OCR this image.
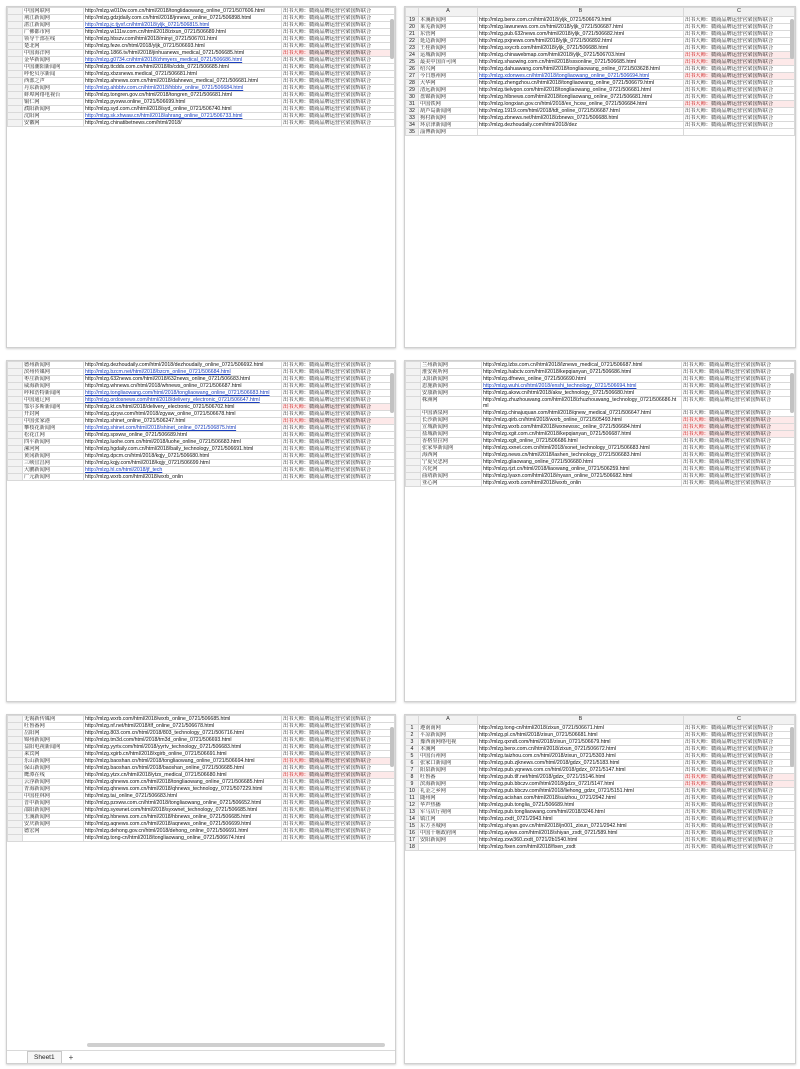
	中国网联网	http://mlzg.w010w.com.cn/html/2018/tonglidaowang_online_0721/507606.html	出书大师：微商品牌运营官梁国辉联合
	荆江新闻网	http://mlzg.gdzjdaily.com.cn/html/2018/jnnews_online_0721/506898.html	出书大师：微商品牌运营官梁国辉联合
	湛江新闻网	http://mlzg.jc.tjyxf.cn/html/2018/yljk_0721/506815.html	出书大师：微商品牌运营官梁国辉联合
	广佛都市网	http://mlzg.w111w.com.cn/html/2018/zixun_0721/506689.html	出书大师：微商品牌运营官梁国辉联合
	领导干部在线	http://mlzg.hbszv.com/html/2018/minyi_0721/506701.html	出书大师：微商品牌运营官梁国辉联合
	楚北网	http://mlzg.feze.cn/html/2018/yljk_0721/506693.html	出书大师：微商品牌运营官梁国辉联合
	中国海洋网	http://mlzg.1866.tv/html/2018/jinhuanews_medical_0721/506685.html	出书大师：微商品牌运营官梁国辉联合
	金华新闻网	http://mlzg.g0734.cn/html/2018/zhmyers_medical_0721/506686.html	出书大师：微商品牌运营官梁国辉联合
	中国潮阳新闻网	http://mlzg.ttcdds.com.cn/html/2018/lb/cdds_0721/506685.html	出书大师：微商品牌运营官梁国辉联合
	呼伦贝尔新闻	http://mlzg.xbzsnews.medical_0721/506681.html	出书大师：微商品牌运营官梁国辉联合
	西部之声	http://mlzg.ahnews.com.cn/html/2018/dahnews_medical_0721/506681.html	出书大师：微商品牌运营官梁国辉联合
	丹东新闻网	http://mlzg.ahbbtv.com.cn/html/2018/hbbtv_online_0721/506684.html	出书大师：微商品牌运营官梁国辉联合
	蚌埠网络电视台	http://mlzg.tongren.gov.cn/html/2018/tongren_0721/506681.html	出书大师：微商品牌运营官梁国辉联合
	铜仁网	http://mlzg.pyxww.online_0721/506699.html	出书大师：微商品牌运营官梁国辉联合
	濮阳新闻网	http://mlzg.syd.com.cn/html/2018/syd_online_0721/506740.html	出书大师：微商品牌运营官梁国辉联合
	沈阳网	http://mlzg.sk.xhwaw.cn/html/2018/ahrang_online_0721/506733.html	出书大师：微商品牌运营官梁国辉联合
	安徽网	http://mlzg.chinatibetnews.com/html/2018/	出书大师：微商品牌运营官梁国辉联合
	A	B	C
19	本溪新闻网	http://mlzg.benx.com.cn/html/2018/yljk_0721/506679.html	出书大师：微商品牌运营官梁国辉联合
20	莱芜新闻网	http://mlzg.lawunews.com.cn/html/2018/yljk_0721/506687.html	出书大师：微商品牌运营官梁国辉联合
21	东营网	http://mlzg.pub.632news.com/html/2018/yljk_0721/506682.html	出书大师：微商品牌运营官梁国辉联合
22	延边新闻网	http://mlzg.pxjnews.com/html/2018/yljk_0721/506892.html	出书大师：微商品牌运营官梁国辉联合
23	王桂新闻网	http://mlzg.sxycrb.com/html/2018/yljk_0721/506688.html	出书大师：微商品牌运营官梁国辉联合
24	运城新闻网	http://mlzg.chinawebmap.com/html/2018/yljk_0721/506703.html	出书大师：微商品牌运营官梁国辉联合
25	最美中国百可网	http://mlzg.shaowing.com.cn/html/2018/sxsonline_0721/506685.html	出书大师：微商品牌运营官梁国辉联合
26	绍兴网	http://mlzg.dahuawang.com/html/2018/tongliaowang_online_0721/503628.html	出书大师：微商品牌运营官梁国辉联合
27	今日惠州网	http://mlzg.xdonwes.cn/html/2018/tongliaowang_online_0721/506694.html	出书大师：微商品牌运营官梁国辉联合
28	大华网	http://mlzg.zhengzhou.cn/html/2018/tongliaowang_online_0721/506679.html	出书大师：微商品牌运营官梁国辉联合
29	清远新闻网	http://mlzg.tielvgon.com/html/2018/tongliaowang_online_0721/506681.html	出书大师：微商品牌运营官梁国辉联合
30	盘锦新闻网	http://mlzg.hlbnews.com/html/2018/tongliaowang_online_0721/506681.html	出书大师：微商品牌运营官梁国辉联合
31	中国铁网	http://mlzg.longxian.gov.cn/html/2018/ex_hcxw_online_0721/506684.html	出书大师：微商品牌运营官梁国辉联合
32	葫芦岛新闻网	http://mlzg.1919.com/html/2018/tdt_online_0721/506687.html	出书大师：微商品牌运营官梁国辉联合
33	狗村新闻网	http://mlzg.zbnews.net/html/2018/zbnews_0721/506688.html	出书大师：微商品牌运营官梁国辉联合
34	环京津新闻网	http://mlzg.dezhoudaily.com/html/2018/dez	出书大师：微商品牌运营官梁国辉联合
35	淄博新闻网		
	德州新闻网	http://mlzg.dezhoudaily.com/html/2018/dezhoudaily_online_0721/506692.html	出书大师：微商品牌运营官梁国辉联合
	滨州传媒网	http://mlzg.bzcm.net/html/2018/bzcm_online_0721/506684.html	出书大师：微商品牌运营官梁国辉联合
	枣庄新闻网	http://mlzg.632news.com/html/2018/632news_online_0721/506683.html	出书大师：微商品牌运营官梁国辉联合
	威海新闻网	http://mlzg.whnews.cn/html/2018/whnews_online_0721/506687.html	出书大师：微商品牌运营官梁国辉联合
	呼和浩特新闻网	http://mlzg.tongliaowang.com/html/2018/tongliaowang_online_0721/506683.html	出书大师：微商品牌运营官梁国辉联合
	中国通辽网	http://mlzg.ordosnews.com/html/2018/delivery_electronic_0721/506647.html	出书大师：微商品牌运营官梁国辉联合
	鄂尔多斯新闻网	http://mlzg.kt.cn/html/2018/delivery_electronic_0721/506702.html	出书大师：微商品牌运营官梁国辉联合
	开封网	http://mlzg.zjzyw.com/html/2018/zgyaw_online_0721/506678.html	出书大师：微商品牌运营官梁国辉联合
	中国张家港	http://mlzg.shinet_online_0721/506247.html	出书大师：微商品牌运营官梁国辉联合
	攀枝花新闻网	http://mlzg.shinet.com/html/2018/shinet_online_0721/506875.html	出书大师：微商品牌运营官梁国辉联合
	松花江网	http://mlzg.spxww_online_0721/506689.html	出书大师：微商品牌运营官梁国辉联合
	四平新闻网	http://mlzg.luohe.com.cn/html/2018/luohe_online_0721/506683.html	出书大师：微商品牌运营官梁国辉联合
	漯河网	http://mlzg.hgdaily.com.cn/html/2018/baily_technology_0721/506691.html	出书大师：微商品牌运营官梁国辉联合
	黄冈新闻网	http://mlzg.dpcm.cn/html/2018/kqjy_0721/506680.html	出书大师：微商品牌运营官梁国辉联合
	三峡宜昌网	http://mlzg.kqjy.com/html/2018/kqjy_0721/506699.html	出书大师：微商品牌运营官梁国辉联合
	大鹏新闻网	http://mlzg.hl.cn/html/2018/jf_tech	出书大师：微商品牌运营官梁国辉联合
	广元新闻网	http://mlzg.wxrb.com/html/2018/wxrb_onlin	出书大师：微商品牌运营官梁国辉联合
	兰州新闻网	http://mlzg.lzbs.com.cn/html/2018/lznews_medical_0721/506687.html	出书大师：微商品牌运营官梁国辉联合
	淮安视听网	http://mlzg.habctv.com/html/2018/kepqianyan_0721/506686.html	出书大师：微商品牌运营官梁国辉联合
	太阳新闻网	http://mlzg.dfnews_online_0721/506690.html	出书大师：微商品牌运营官梁国辉联合
	恩施新闻网	http://mlzg.wuhi.cn/html/2018/enshi_technology_0721/506694.html	出书大师：微商品牌运营官梁国辉联合
	安康新闻网	http://mlzg.akxw.cn/html/2018/akw_technology_0721/506680.html	出书大师：微商品牌运营官梁国辉联合
	株洲网	http://mlzg.zhuzhouwang.com/html/2018/zhuzhouwang_technology_0721/506686.html	出书大师：微商品牌运营官梁国辉联合
	中国酒泉网	http://mlzg.chinajuquan.com/html/2018/qnew_medical_0721/506647.html	出书大师：微商品牌运营官梁国辉联合
	长沙新闻网	http://mlzg.qirb.cn/html/2018/wxrb_online_0721/505493.html	出书大师：微商品牌运营官梁国辉联合
	宣城新闻网	http://mlzg.wxrb.com/html/2018/wxnewsxc_online_0721/506684.html	出书大师：微商品牌运营官梁国辉联合
	盐城新闻网	http://mlzg.xgit.com.cn/html/2018/kepqianyan_0721/506687.html	出书大师：微商品牌运营官梁国辉联合
	香格里拉网	http://mlzg.xglt_online_0721/506686.html	出书大师：微商品牌运营官梁国辉联合
	张家界新闻网	http://mlzg.xxnet.com.cn/html/2018/xonet_technology_0721/506683.html	出书大师：微商品牌运营官梁国辉联合
	海西网	http://mlzg.news.cn/html/2018/lashen_technology_0721/506683.html	出书大师：微商品牌运营官梁国辉联合
	宁夏吴忠网	http://mlzg.gliaowang_online_0721/506680.html	出书大师：微商品牌运营官梁国辉联合
	兴化网	http://mlzg.rjzt.cn/html/2018/liaowang_online_0721/506259.html	出书大师：微商品牌运营官梁国辉联合
	曲靖新闻网	http://mlzg.lyaxn.com/html/2018/nyaxn_online_0721/506682.html	出书大师：微商品牌运营官梁国辉联合
	亚心网	http://mlzg.wxrb.com/html/2018/wxrb_onlin	出书大师：微商品牌运营官梁国辉联合
	无锡新传媒网	http://mlzg.wxrb.com/html/2018/wxrb_online_0721/506685.html	出书大师：微商品牌运营官梁国辉联合
	吐鲁番网	http://mlzg.nf.net/html/2018/tlf_online_0721/506678.html	出书大师：微商品牌运营官梁国辉联合
	岳阳网	http://mlzg.803.com.cn/html/2018/803_technology_0721/506716.html	出书大师：微商品牌运营官梁国辉联合
	锦州新闻网	http://mlzg.tm3d.com/html/2018/tm3d_online_0721/506693.html	出书大师：微商品牌运营官梁国辉联合
	益阳电视新闻网	http://mlzg.yyrtv.com/html/2018/yyrtv_technology_0721/506683.html	出书大师：微商品牌运营官梁国辉联合
	来宾网	http://mlzg.xgirb.cn/html/2018/xgirb_online_0721/506691.html	出书大师：微商品牌运营官梁国辉联合
	乐山新闻网	http://mlzg.baoshan.cn/html/2018/tongliaowang_online_0721/506694.html	出书大师：微商品牌运营官梁国辉联合
	保山新闻网	http://mlzg.baoshan.cn/html/2018/baoshan_online_0721/506685.html	出书大师：微商品牌运营官梁国辉联合
	鹰潭在线	http://mlzg.ytzx.cn/html/2018/ytzx_medical_0721/506680.html	出书大师：微商品牌运营官梁国辉联合
	云浮新闻网	http://mlzg.qhnews.com.cn/html/2018/tongliaowang_online_0721/506685.html	出书大师：微商品牌运营官梁国辉联合
	青海新闻网	http://mlzg.qhnews.com.cn/html/2018/qhnews_technology_0721/507229.html	出书大师：微商品牌运营官梁国辉联合
	中国桂林网	http://mlzg.tai_online_0721/506683.html	出书大师：微商品牌运营官梁国辉联合
	晋中新闻网	http://mlzg.pzxww.com.cn/html/2018/tongliaowang_online_0721/506652.html	出书大师：微商品牌运营官梁国辉联合
	邵阳新闻网	http://mlzg.syxwnet.com/html/2018/syxwnet_technology_0721/506685.html	出书大师：微商品牌运营官梁国辉联合
	玉溪新闻网	http://mlzg.hbnews.com.cn/html/2018/hbnews_online_0721/506685.html	出书大师：微商品牌运营官梁国辉联合
	安庆新闻网	http://mlzg.aqnews.com.cn/html/2018/aqnews_online_0721/506699.html	出书大师：微商品牌运营官梁国辉联合
	德宏网	http://mlzg.dehong.gov.cn/html/2018/dehong_online_0721/506691.html	出书大师：微商品牌运营官梁国辉联合
		http://mlzg.tong-cn/html/2018/tongliaowang_online_0721/506674.html	出书大师：微商品牌运营官梁国辉联合
Sheet1	+
	A	B	C
1	遵南南网	http://mlzg.tong-cn/html/2018/zixun_0721/506671.html	出书大师：微商品牌运营官梁国辉联合
2	平凉新闻网	http://mlzg.pl.cn/html/2018/zixun_0721/506681.html	出书大师：微商品牌运营官梁国辉联合
3	豫西南网络电视	http://mlzg.qxndt.com/html/2018/zixun_0721/506679.html	出书大师：微商品牌运营官梁国辉联合
4	本溪网	http://mlzg.benx.com.cn/html/2018/zixun_0721/506672.html	出书大师：微商品牌运营官梁国辉联合
5	中国台州网	http://mlzg.taizhou.com.cn/html/2018/zixun_0721/5303.html	出书大师：微商品牌运营官梁国辉联合
6	张家口新闻网	http://mlzg.pub.zjknews.com/html/2018/gdzx_0721/5183.html	出书大师：微商品牌运营官梁国辉联合
7	阳泉新闻网	http://mlzg.pub.yqnews.com.cn/html/2018/gdzx_0721/5147.html	出书大师：微商品牌运营官梁国辉联合
8	吐鲁番	http://mlzg.pub.tlf.net/html/2018/gdzx_0721/15146.html	出书大师：微商品牌运营官梁国辉联合
9	滨海新闻网	http://mlzg.pub.bbczv.com/html/2018/gdzx_0721/5147.html	出书大师：微商品牌运营官梁国辉联合
10	礼金之乡网	http://mlzg.pub.bbczv.com/html/2018/liehong_gdzx_0721/5151.html	出书大师：微商品牌运营官梁国辉联合
11	随州网	http://mlzg.acishan.com/html/2018/suizhou_0721/2942.html	出书大师：微商品牌运营官梁国辉联合
12	华声热播	http://mlzg.pub.tonglia_0721/506689.html	出书大师：微商品牌运营官梁国辉联合
13	军马店厅视网	http://mlzg.pub.tongliaowang.com/html/2018/3246.html	出书大师：微商品牌运营官梁国辉联合
14	镇江网	http://mlzg.zxdt_0721/2943.html	出书大师：微商品牌运营官梁国辉联合
15	东方圣城网	http://mlzg.shyan.gov.cn/html/2018/jn001_zixun_0721/2942.html	出书大师：微商品牌运营官梁国辉联合
16	中国十堰政府网	http://mlzg.ayiws.com/html/2018/shiyan_zxdt_0721/589.html	出书大师：微商品牌运营官梁国辉联合
17	安阳新闻网	http://mlzg.zxw360.zxdt_0721/2b1540.html	出书大师：微商品牌运营官梁国辉联合
18		http://mlzg.fixen.com/html/2018/fixen_zxdt	出书大师：微商品牌运营官梁国辉联合
